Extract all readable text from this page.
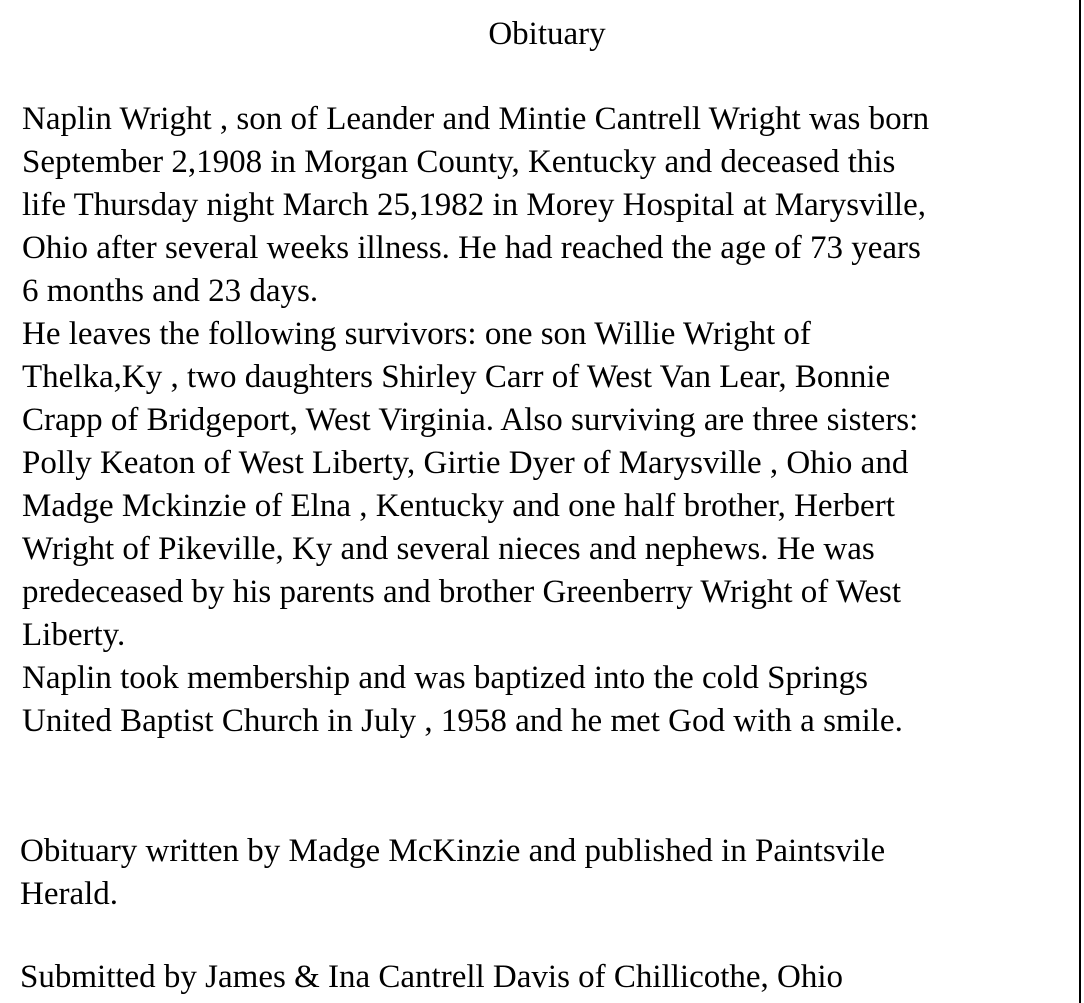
Obituary

Naplin Wright , son of Leander and Mintie Cantrell Wright was born
September 2,1908 in Morgan County, Kentucky and deceased this
life Thursday night March 25,1982 in Morey Hospital at Marysville,
Ohio after several weeks illness. He had reached the age of 73 years
6 months and 23 days.

He leaves the following survivors: one son Willie Wright of
Thelka,Ky , two daughters Shirley Carr of West Van Lear, Bonnie
Crapp of Bridgeport, West Virginia. Also surviving are three sisters:
Polly Keaton of West Liberty, Girtie Dyer of Marysville , Ohio and
Madge Mckinzie of Elna , Kentucky and one half brother, Herbert
Wright of Pikeville, Ky and several nieces and nephews. He was
predeceased by his parents and brother Greenberry Wright of West
Liberty.

Naplin took membership and was baptized into the cold Springs
United Baptist Church in July , 1958 and he met God with a smile.

Obituary written by Madge McKinzie and published in Paintsvile
Herald.

Submitted by James & Ina Cantrell Davis of Chillicothe, Ohio
